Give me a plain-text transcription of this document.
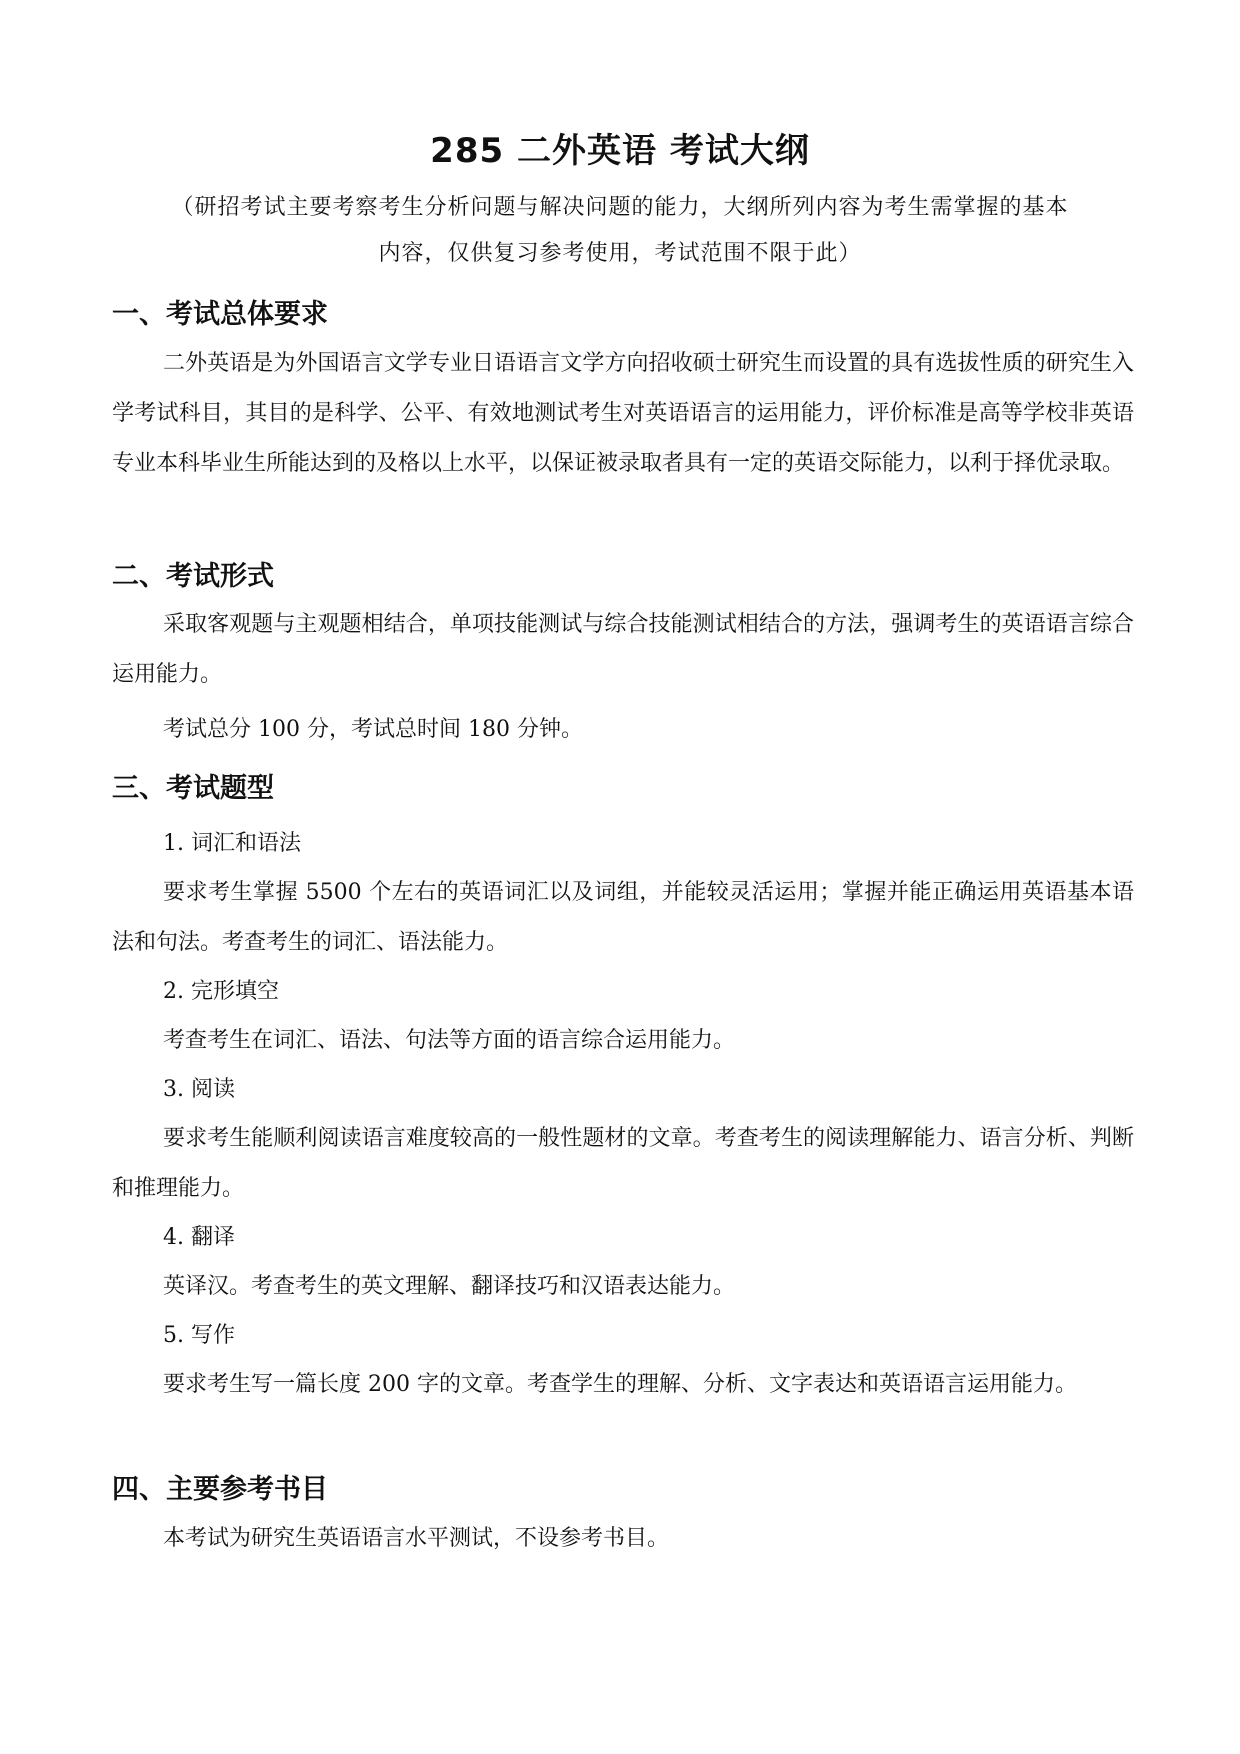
285 二外英语 考试大纲
（研招考试主要考察考生分析问题与解决问题的能力，大纲所列内容为考生需掌握的基本
内容，仅供复习参考使用，考试范围不限于此）
一、考试总体要求

二外英语是为外国语言文学专业日语语言文学方向招收硕士研究生而设置的具有选拔性质的研究生入学考试科目，其目的是科学、公平、有效地测试考生对英语语言的运用能力，评价标准是高等学校非英语专业本科毕业生所能达到的及格以上水平，以保证被录取者具有一定的英语交际能力，以利于择优录取。

二、考试形式

采取客观题与主观题相结合，单项技能测试与综合技能测试相结合的方法，强调考生的英语语言综合运用能力。

考试总分 100 分，考试总时间 180 分钟。
三、考试题型
1. 词汇和语法

要求考生掌握 5500 个左右的英语词汇以及词组，并能较灵活运用；掌握并能正确运用英语基本语法和句法。考查考生的词汇、语法能力。

2. 完形填空

考查考生在词汇、语法、句法等方面的语言综合运用能力。

3. 阅读

要求考生能顺利阅读语言难度较高的一般性题材的文章。考查考生的阅读理解能力、语言分析、判断和推理能力。

4. 翻译

英译汉。考查考生的英文理解、翻译技巧和汉语表达能力。

5. 写作

要求考生写一篇长度 200 字的文章。考查学生的理解、分析、文字表达和英语语言运用能力。

四、主要参考书目

本考试为研究生英语语言水平测试，不设参考书目。
